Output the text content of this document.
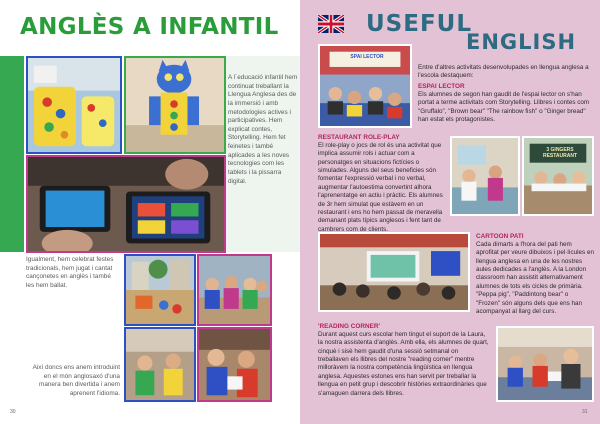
ANGLÈS A INFANTIL
A l´educació infantil hem continuat treballant la Llengua Anglesa des de la immersió i amb metodologies actives i participatives. Hem explicat contes, Storytelling. Hem fet feinetes i també aplicades a les noves tecnologies com les tablets i la pissarra digital.
Igualment, hem celebrat festes tradicionals, hem jugat i cantat cançonetes en anglès i també les hem ballat.
Així doncs ens anem introduint en el món anglosaxó d'una manera ben divertida i anem aprenent l'idioma.
30
USEFUL
ENGLISH
SPAI LECTOR
Entre d'altres activitats desenvolupades en llengua anglesa a l'escola destaquem:
ESPAI LECTOR
Els alumnes de segon han gaudit de l'espai lector on s'han portat a terme activitats com Storytelling. Llibres i contes com "Gruffalo", "Brown bear" "The rainbow fish" o "Ginger bread" han estat els protagonistes.
RESTAURANT ROLE-PLAY
El role-play o jocs de rol és una activitat que implica assumir rols i actuar com a personatges en situacions fictícies o simulades. Alguns del seus beneficies són fomentar l'expressió verbal i no verbal, augmentar l'autoestima convertint alhora l'aprenentatge en actiu i pràctic. Els alumnes de 3r hem simulat que estàvem en un restaurant i ens ho hem passat de meravella demanant plats típics anglesos i fent tant de cambrers com de clients.
3 GINGERS RESTAURANT
CARTOON PATI
Cada dimarts a l'hora del pati hem aprofitat per veure dibuixos i pel·lícules en llengua anglesa en una de les nostres aules dedicades a l'anglès. A la London classroom han assistit alternativament alumnes de tots els cicles de primària. "Peppa pig", "Paddintong bear" o "Frozen" són alguns dels que ens han acompanyat al llarg del curs.
'READING CORNER'
Durant aquest curs escolar hem tingut el suport de la Laura, la nostra assistenta d'anglès. Amb ella, els alumnes de quart, cinquè i sisè hem gaudit d'una sessió setmanal on treballaven els llibres del nostre "reading corner" mentre milloràvem la nostra competència lingüística en llengua anglesa. Aquestes estones ens han servit per treballar la llengua en petit grup i descobrir històries extraordinàries que s'amaguen darrera dels llibres.
31
